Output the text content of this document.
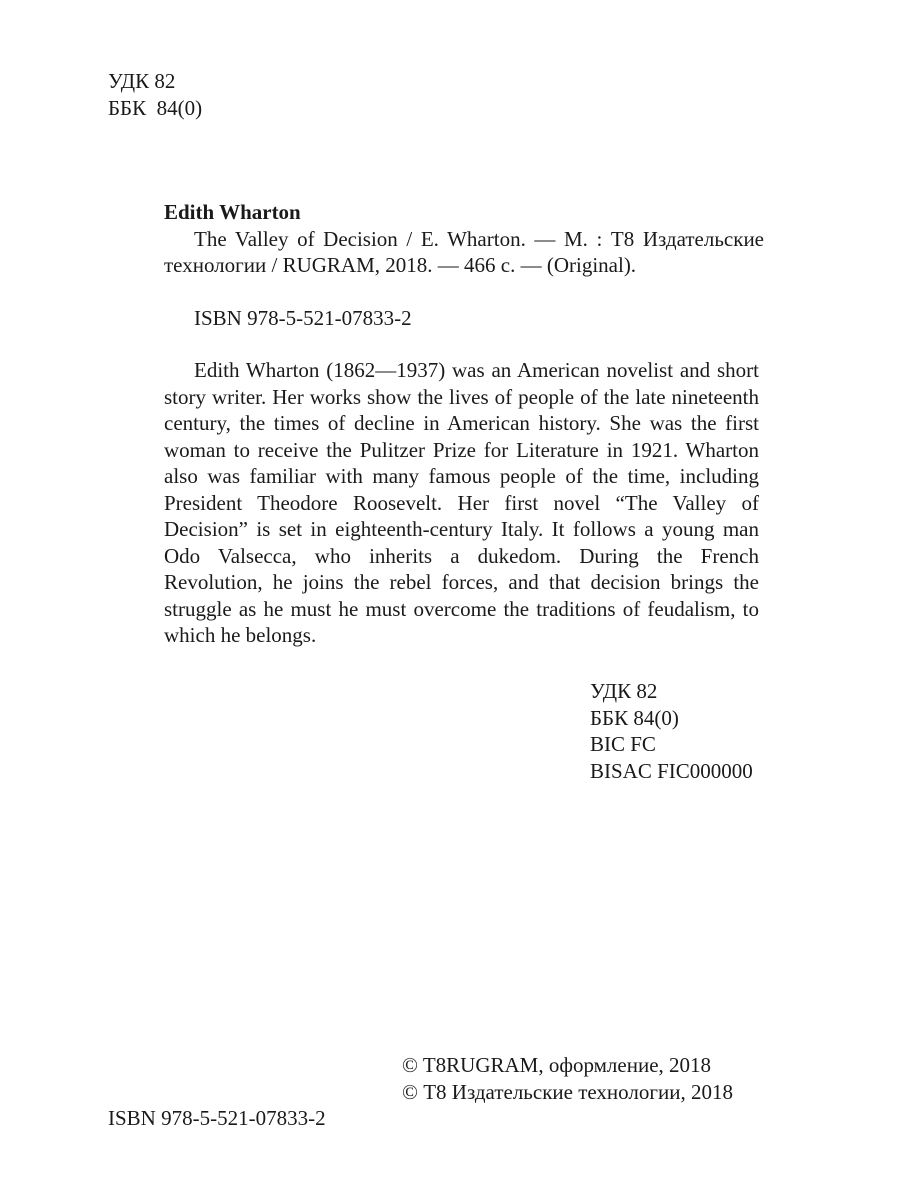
УДК 82
ББК  84(0)
Edith Wharton
The Valley of Decision / E. Wharton. — М. : T8 Издательские технологии / RUGRAM, 2018. — 466 с. — (Original).
ISBN 978-5-521-07833-2
Edith Wharton (1862—1937) was an American novelist and short story writer. Her works show the lives of people of the late nineteenth century, the times of decline in American history. She was the first woman to receive the Pulitzer Prize for Literature in 1921. Wharton also was familiar with many famous people of the time, including President Theodore Roosevelt. Her first novel “The Valley of Decision” is set in eighteenth-century Italy. It follows a young man Odo Valsecca, who inherits a dukedom. During the French Revolution, he joins the rebel forces, and that decision brings the struggle as he must he must overcome the traditions of feudalism, to which he belongs.
УДК 82
ББК 84(0)
BIC FC
BISAC FIC000000
© T8RUGRAM, оформление, 2018
© Т8 Издательские технологии, 2018
ISBN 978-5-521-07833-2
